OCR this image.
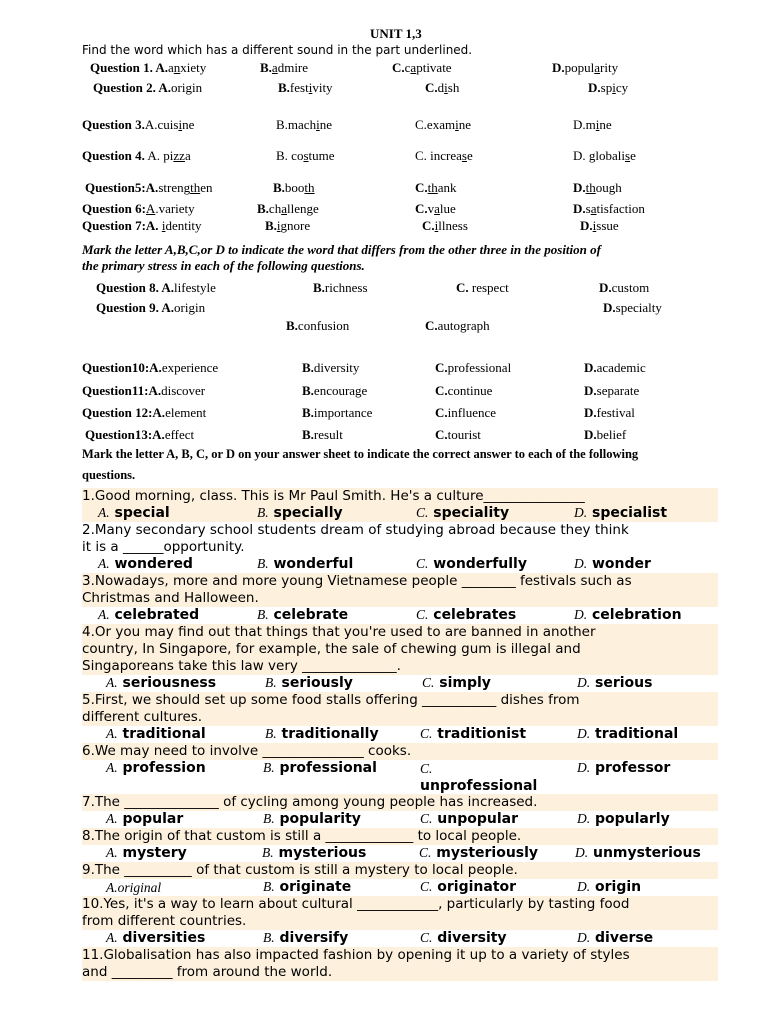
UNIT 1,3
Find the word which has a different sound in the part underlined.
Question 1. A.anxiety	B.admire	C.captivate	D.popularity
Question 2. A.origin	B.festivity	C.dish	D.spicy
Question 3.A.cuisine	B.machine	C.examine	D.mine
Question 4. A. pizza	B. costume	C. increase	D. globalise
Question5:A.strengthen	B.booth	C.thank	D.though
Question 6:A.variety	B.challenge	C.value	D.satisfaction
Question 7:A. identity	B.ignore	C.illness	D.issue
Mark the letter A,B,C,or D to indicate the word that differs from the other three in the position of
the primary stress in each of the following questions.
Question 8. A.lifestyle	B.richness	C. respect	D.custom
Question 9. A.origin	D.specialty
B.confusion	C.autograph
Question10:A.experience	B.diversity	C.professional	D.academic
Question11:A.discover	B.encourage	C.continue	D.separate
Question 12:A.element	B.importance	C.influence	D.festival
Question13:A.effect	B.result	C.tourist	D.belief
Mark the letter A, B, C, or D on your answer sheet to indicate the correct answer to each of the following
questions.
1.Good morning, class. This is Mr Paul Smith. He's a culture_______________
A. special	B. specially	C. speciality	D. specialist
2.Many secondary school students dream of studying abroad because they think
it is a ______opportunity.
A. wondered	B. wonderful	C. wonderfully	D. wonder
3.Nowadays, more and more young Vietnamese people ________ festivals such as
Christmas and Halloween.
A. celebrated	B. celebrate	C. celebrates	D. celebration
4.Or you may find out that things that you're used to are banned in another
country, In Singapore, for example, the sale of chewing gum is illegal and
Singaporeans take this law very ______________.
A. seriousness	B. seriously	C. simply	D. serious
5.First, we should set up some food stalls offering ___________ dishes from
different cultures.
A. traditional	B. traditionally	C. traditionist	D. traditional
6.We may need to involve _______________ cooks.
A. profession	B. professional	C.
unprofessional
D. professor
7.The ______________ of cycling among young people has increased.
A. popular	B. popularity	C. unpopular	D. popularly
8.The origin of that custom is still a _____________ to local people.
A. mystery	B. mysterious	C. mysteriously	D. unmysterious
9.The __________ of that custom is still a mystery to local people.
A.original	B. originate	C. originator	D. origin
10.Yes, it's a way to learn about cultural ____________, particularly by tasting food
from different countries.
A. diversities	B. diversify	C. diversity	D. diverse
11.Globalisation has also impacted fashion by opening it up to a variety of styles
and _________ from around the world.
